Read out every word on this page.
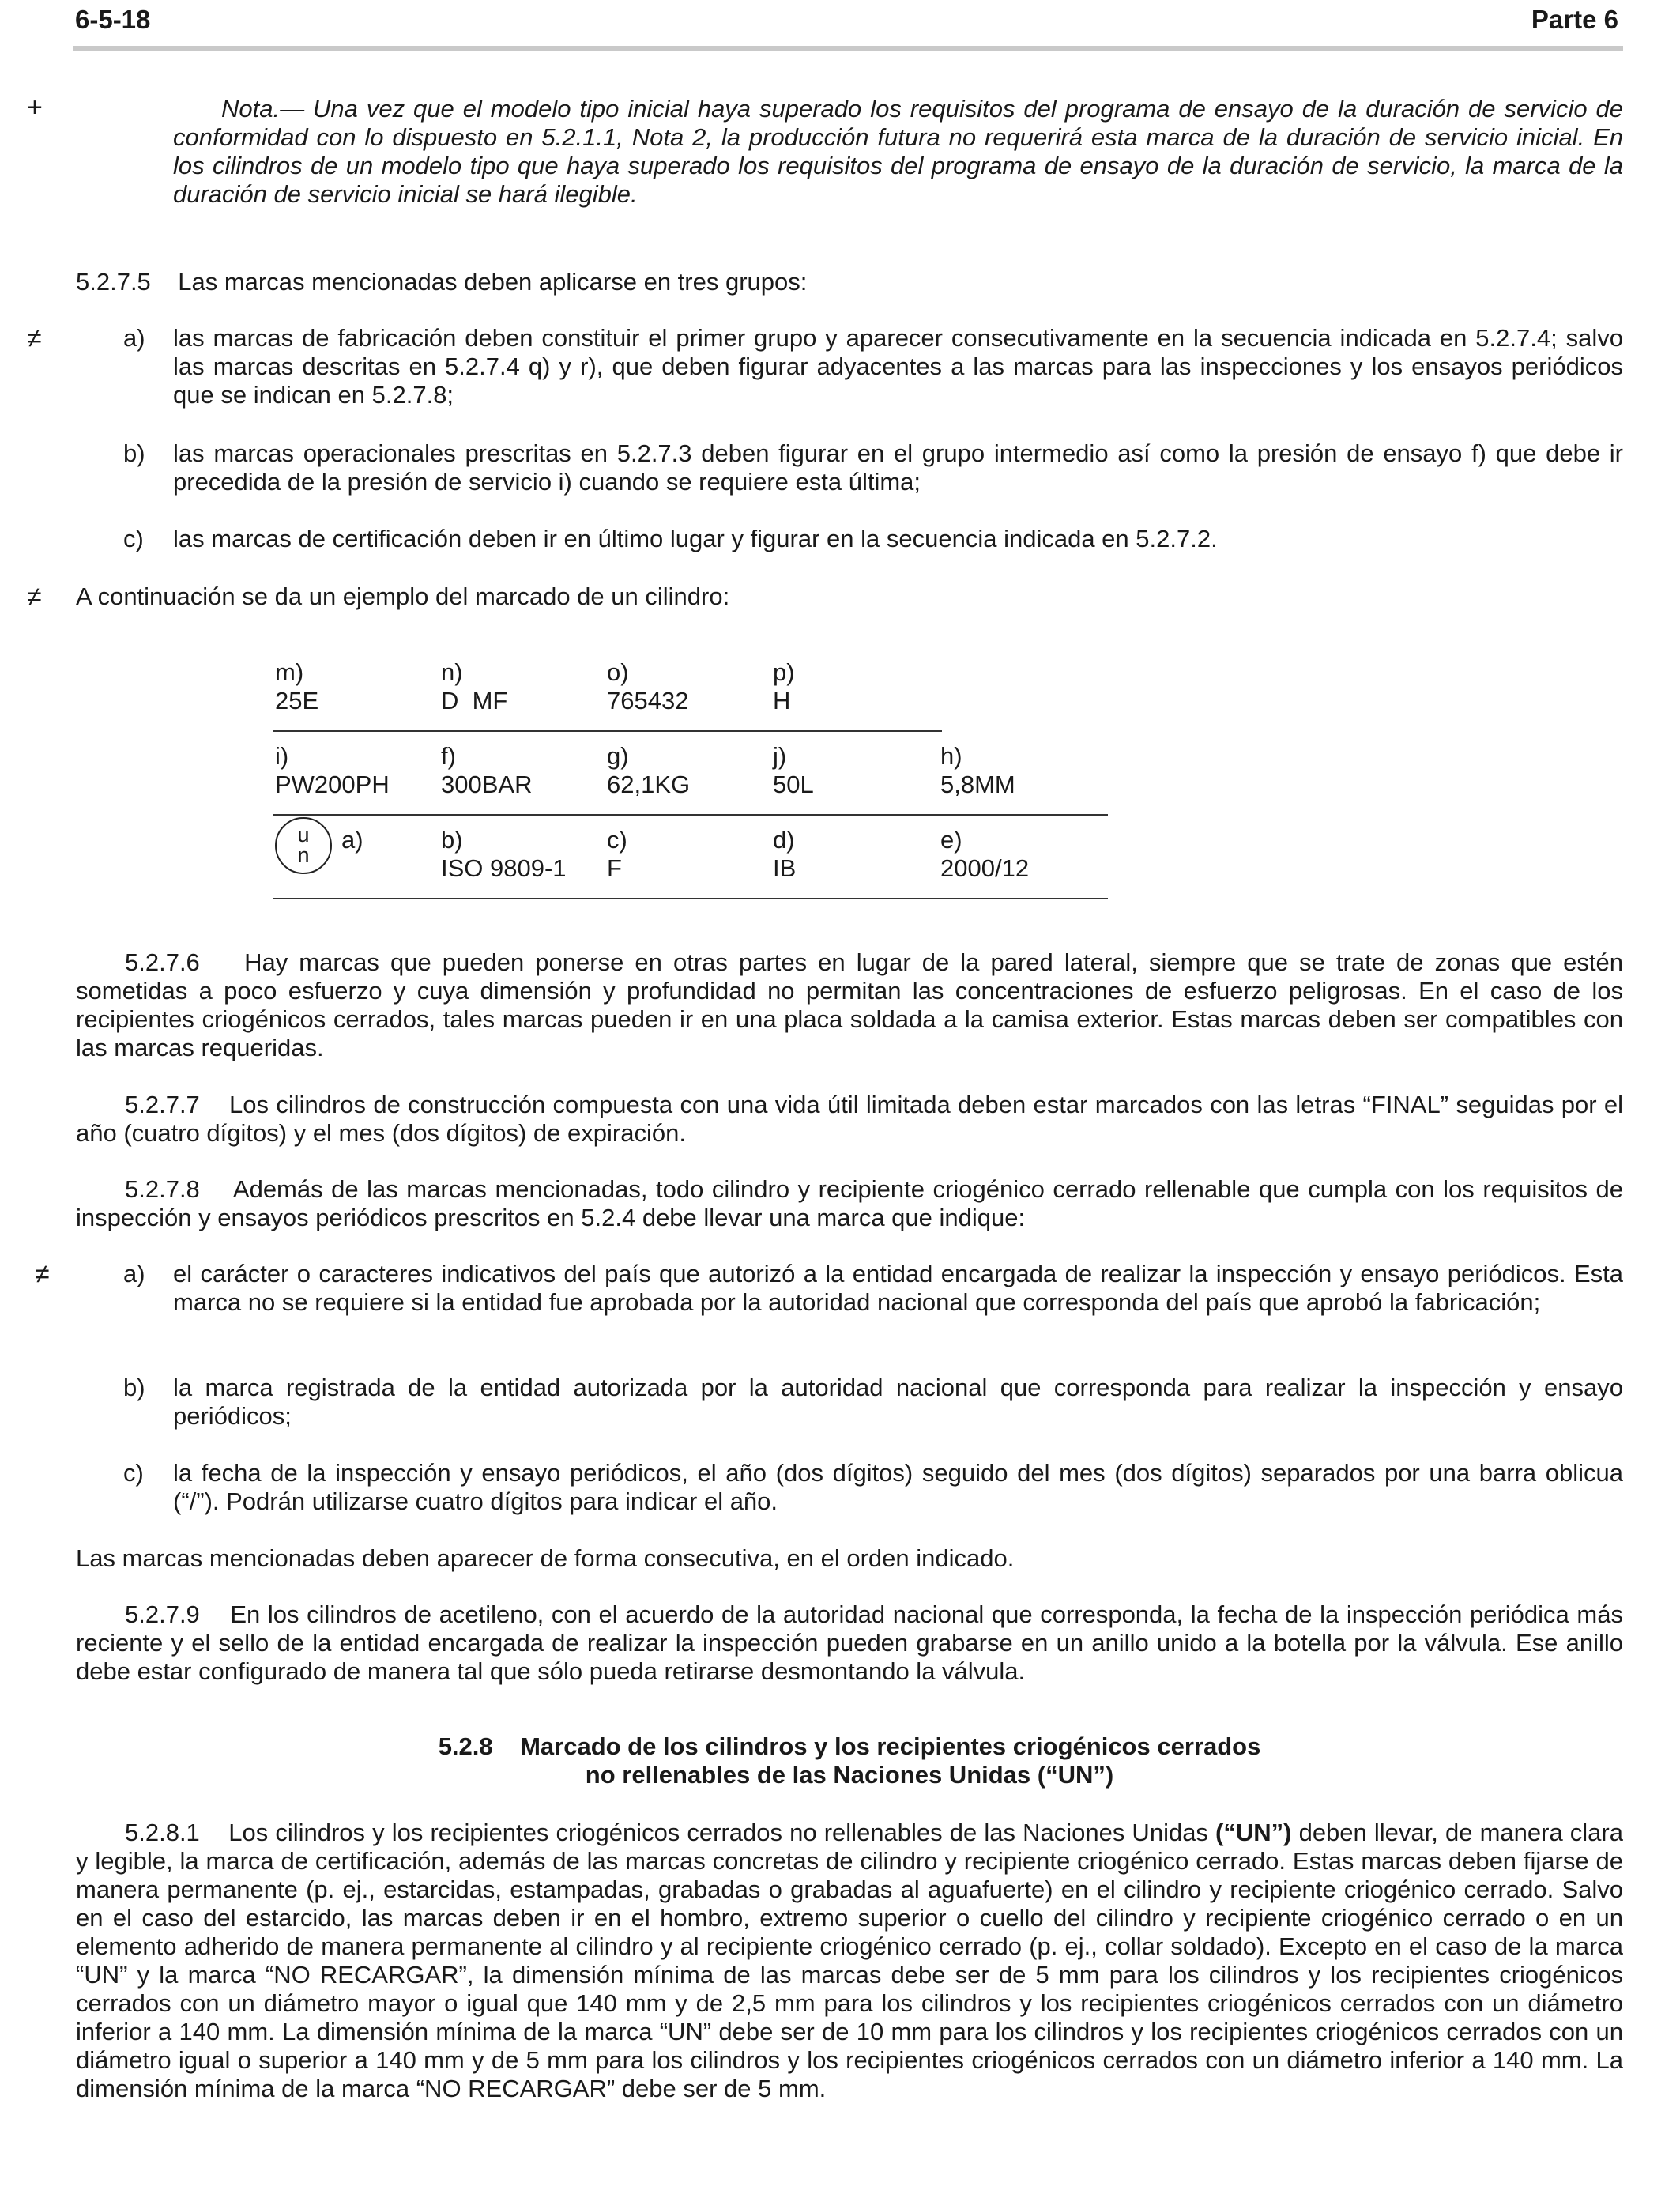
6-5-18	Parte 6
+
≠
≠
≠
Nota.— Una vez que el modelo tipo inicial haya superado los requisitos del programa de ensayo de la duración de servicio de conformidad con lo dispuesto en 5.2.1.1, Nota 2, la producción futura no requerirá esta marca de la duración de servicio inicial. En los cilindros de un modelo tipo que haya superado los requisitos del programa de ensayo de la duración de servicio, la marca de la duración de servicio inicial se hará ilegible.
5.2.7.5    Las marcas mencionadas deben aplicarse en tres grupos:
a) las marcas de fabricación deben constituir el primer grupo y aparecer consecutivamente en la secuencia indicada en 5.2.7.4; salvo las marcas descritas en 5.2.7.4 q) y r), que deben figurar adyacentes a las marcas para las inspecciones y los ensayos periódicos que se indican en 5.2.7.8;
b) las marcas operacionales prescritas en 5.2.7.3 deben figurar en el grupo intermedio así como la presión de ensayo f) que debe ir precedida de la presión de servicio i) cuando se requiere esta última;
c) las marcas de certificación deben ir en último lugar y figurar en la secuencia indicada en 5.2.7.2.
A continuación se da un ejemplo del marcado de un cilindro:
m)
25E
n)
D  MF
o)
765432
p)
H
i)
PW200PH
f)
300BAR
g)
62,1KG
j)
50L
h)
5,8MM
u
n
a)	b)
ISO 9809-1
c)
F
d)
IB
e)
2000/12
5.2.7.6    Hay marcas que pueden ponerse en otras partes en lugar de la pared lateral, siempre que se trate de zonas que estén sometidas a poco esfuerzo y cuya dimensión y profundidad no permitan las concentraciones de esfuerzo peligrosas. En el caso de los recipientes criogénicos cerrados, tales marcas pueden ir en una placa soldada a la camisa exterior. Estas marcas deben ser compatibles con las marcas requeridas.
5.2.7.7    Los cilindros de construcción compuesta con una vida útil limitada deben estar marcados con las letras “FINAL” seguidas por el año (cuatro dígitos) y el mes (dos dígitos) de expiración.
5.2.7.8    Además de las marcas mencionadas, todo cilindro y recipiente criogénico cerrado rellenable que cumpla con los requisitos de inspección y ensayos periódicos prescritos en 5.2.4 debe llevar una marca que indique:
a) el carácter o caracteres indicativos del país que autorizó a la entidad encargada de realizar la inspección y ensayo periódicos. Esta marca no se requiere si la entidad fue aprobada por la autoridad nacional que corresponda del país que aprobó la fabricación;
b) la marca registrada de la entidad autorizada por la autoridad nacional que corresponda para realizar la inspección y ensayo periódicos;
c) la fecha de la inspección y ensayo periódicos, el año (dos dígitos) seguido del mes (dos dígitos) separados por una barra oblicua (“/”). Podrán utilizarse cuatro dígitos para indicar el año.
Las marcas mencionadas deben aparecer de forma consecutiva, en el orden indicado.
5.2.7.9    En los cilindros de acetileno, con el acuerdo de la autoridad nacional que corresponda, la fecha de la inspección periódica más reciente y el sello de la entidad encargada de realizar la inspección pueden grabarse en un anillo unido a la botella por la válvula. Ese anillo debe estar configurado de manera tal que sólo pueda retirarse desmontando la válvula.
5.2.8    Marcado de los cilindros y los recipientes criogénicos cerrados
no rellenables de las Naciones Unidas (“UN”)
5.2.8.1    Los cilindros y los recipientes criogénicos cerrados no rellenables de las Naciones Unidas (“UN”) deben llevar, de manera clara y legible, la marca de certificación, además de las marcas concretas de cilindro y recipiente criogénico cerrado. Estas marcas deben fijarse de manera permanente (p. ej., estarcidas, estampadas, grabadas o grabadas al aguafuerte) en el cilindro y recipiente criogénico cerrado. Salvo en el caso del estarcido, las marcas deben ir en el hombro, extremo superior o cuello del cilindro y recipiente criogénico cerrado o en un elemento adherido de manera permanente al cilindro y al recipiente criogénico cerrado (p. ej., collar soldado). Excepto en el caso de la marca “UN” y la marca “NO RECARGAR”, la dimensión mínima de las marcas debe ser de 5 mm para los cilindros y los recipientes criogénicos cerrados con un diámetro mayor o igual que 140 mm y de 2,5 mm para los cilindros y los recipientes criogénicos cerrados con un diámetro inferior a 140 mm. La dimensión mínima de la marca “UN” debe ser de 10 mm para los cilindros y los recipientes criogénicos cerrados con un diámetro igual o superior a 140 mm y de 5 mm para los cilindros y los recipientes criogénicos cerrados con un diámetro inferior a 140 mm. La dimensión mínima de la marca “NO RECARGAR” debe ser de 5 mm.
